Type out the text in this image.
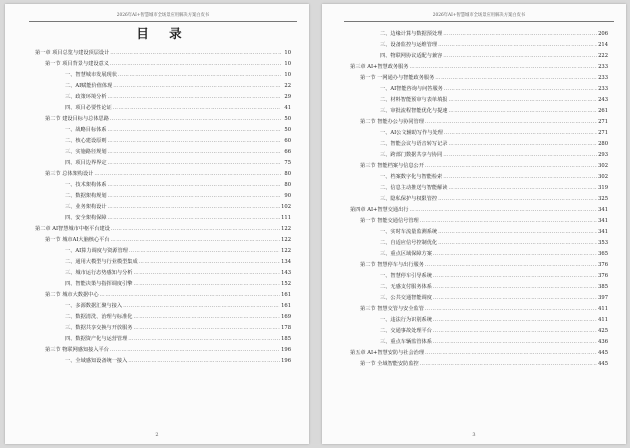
2026年AI+智慧城市全场景应用解决方案白皮书
目 录
第一章 项目总览与建设顶层设计 ……………………………………………………………………………………………………………………………………………………………………………………………………	10
第一节 项目背景与建设意义 ……………………………………………………………………………………………………………………………………………………………………………………………………	10
一、智慧城市发展现状 ……………………………………………………………………………………………………………………………………………………………………………………………………	10
二、AI赋能价值体现 ……………………………………………………………………………………………………………………………………………………………………………………………………	22
三、政策环境分析 ……………………………………………………………………………………………………………………………………………………………………………………………………	29
四、项目必要性论证 ……………………………………………………………………………………………………………………………………………………………………………………………………	41
第二节 建设目标与总体思路 ……………………………………………………………………………………………………………………………………………………………………………………………………	50
一、战略目标体系 ……………………………………………………………………………………………………………………………………………………………………………………………………	50
二、核心建设原则 ……………………………………………………………………………………………………………………………………………………………………………………………………	60
三、实施路径规划 ……………………………………………………………………………………………………………………………………………………………………………………………………	66
四、项目边界界定 ……………………………………………………………………………………………………………………………………………………………………………………………………	75
第三节 总体架构设计 ……………………………………………………………………………………………………………………………………………………………………………………………………	80
一、技术架构体系 ……………………………………………………………………………………………………………………………………………………………………………………………………	80
二、数据架构规划 ……………………………………………………………………………………………………………………………………………………………………………………………………	90
三、业务架构设计 ……………………………………………………………………………………………………………………………………………………………………………………………………	102
四、安全架构保障 ……………………………………………………………………………………………………………………………………………………………………………………………………	111
第二章 AI智慧城市中枢平台建设 ……………………………………………………………………………………………………………………………………………………………………………………………………	122
第一节 城市AI大脑核心平台 ……………………………………………………………………………………………………………………………………………………………………………………………………	122
一、AI算力调度与资源管理 ……………………………………………………………………………………………………………………………………………………………………………………………………	122
二、通用大模型与行业模型集成 ……………………………………………………………………………………………………………………………………………………………………………………………………	134
三、城市运行态势感知与分析 ……………………………………………………………………………………………………………………………………………………………………………………………………	143
四、智能决策与指挥调度引擎 ……………………………………………………………………………………………………………………………………………………………………………………………………	152
第二节 城市大数据中心 ……………………………………………………………………………………………………………………………………………………………………………………………………	161
一、多源数据汇聚与接入 ……………………………………………………………………………………………………………………………………………………………………………………………………	161
二、数据清洗、治理与标准化 ……………………………………………………………………………………………………………………………………………………………………………………………………	169
三、数据共享交换与开放服务 ……………………………………………………………………………………………………………………………………………………………………………………………………	178
四、数据资产化与运营管理 ……………………………………………………………………………………………………………………………………………………………………………………………………	185
第三节 物联网感知接入平台 ……………………………………………………………………………………………………………………………………………………………………………………………………	196
一、全域感知设备统一接入 ……………………………………………………………………………………………………………………………………………………………………………………………………	196
2
2026年AI+智慧城市全场景应用解决方案白皮书
二、边缘计算与数据预处理 ……………………………………………………………………………………………………………………………………………………………………………………………………	206
三、设备监控与运维管理 ……………………………………………………………………………………………………………………………………………………………………………………………………	214
四、物联网协议适配与兼容 ……………………………………………………………………………………………………………………………………………………………………………………………………	222
第三章 AI+智慧政务服务 ……………………………………………………………………………………………………………………………………………………………………………………………………	233
第一节 一网通办与智能政务服务 ……………………………………………………………………………………………………………………………………………………………………………………………………	233
一、AI智能咨询与问答服务 ……………………………………………………………………………………………………………………………………………………………………………………………………	233
二、材料智能预审与表单填报 ……………………………………………………………………………………………………………………………………………………………………………………………………	243
三、审批流程智能优化与提速 ……………………………………………………………………………………………………………………………………………………………………………………………………	261
第二节 智能办公与协同管理 ……………………………………………………………………………………………………………………………………………………………………………………………………	271
一、AI公文辅助写作与处理 ……………………………………………………………………………………………………………………………………………………………………………………………………	271
二、智能会议与语音转写记录 ……………………………………………………………………………………………………………………………………………………………………………………………………	280
三、跨部门数据共享与协同 ……………………………………………………………………………………………………………………………………………………………………………………………………	293
第三节 智能档案与信息公开 ……………………………………………………………………………………………………………………………………………………………………………………………………	302
一、档案数字化与智能检索 ……………………………………………………………………………………………………………………………………………………………………………………………………	302
二、信息主动推送与智能解读 ……………………………………………………………………………………………………………………………………………………………………………………………………	319
三、隐私保护与权限管控 ……………………………………………………………………………………………………………………………………………………………………………………………………	325
第四章 AI+智慧交通出行 ……………………………………………………………………………………………………………………………………………………………………………………………………	341
第一节 智能交通信号管理 ……………………………………………………………………………………………………………………………………………………………………………………………………	341
一、实时车流量监测系统 ……………………………………………………………………………………………………………………………………………………………………………………………………	341
二、自适应信号控制优化 ……………………………………………………………………………………………………………………………………………………………………………………………………	353
三、重点区域保障方案 ……………………………………………………………………………………………………………………………………………………………………………………………………	365
第二节 智慧停车与出行服务 ……………………………………………………………………………………………………………………………………………………………………………………………………	376
一、智慧停车引导系统 ……………………………………………………………………………………………………………………………………………………………………………………………………	376
二、无感支付服务体系 ……………………………………………………………………………………………………………………………………………………………………………………………………	385
三、公共交通智能调度 ……………………………………………………………………………………………………………………………………………………………………………………………………	397
第三节 智慧交管与安全监管 ……………………………………………………………………………………………………………………………………………………………………………………………………	411
一、违法行为识别系统 ……………………………………………………………………………………………………………………………………………………………………………………………………	411
二、交通事故处理平台 ……………………………………………………………………………………………………………………………………………………………………………………………………	425
三、重点车辆监管体系 ……………………………………………………………………………………………………………………………………………………………………………………………………	436
第五章 AI+智慧安防与社会治理 ……………………………………………………………………………………………………………………………………………………………………………………………………	445
第一节 全域智能安防监控 ……………………………………………………………………………………………………………………………………………………………………………………………………	445
3
